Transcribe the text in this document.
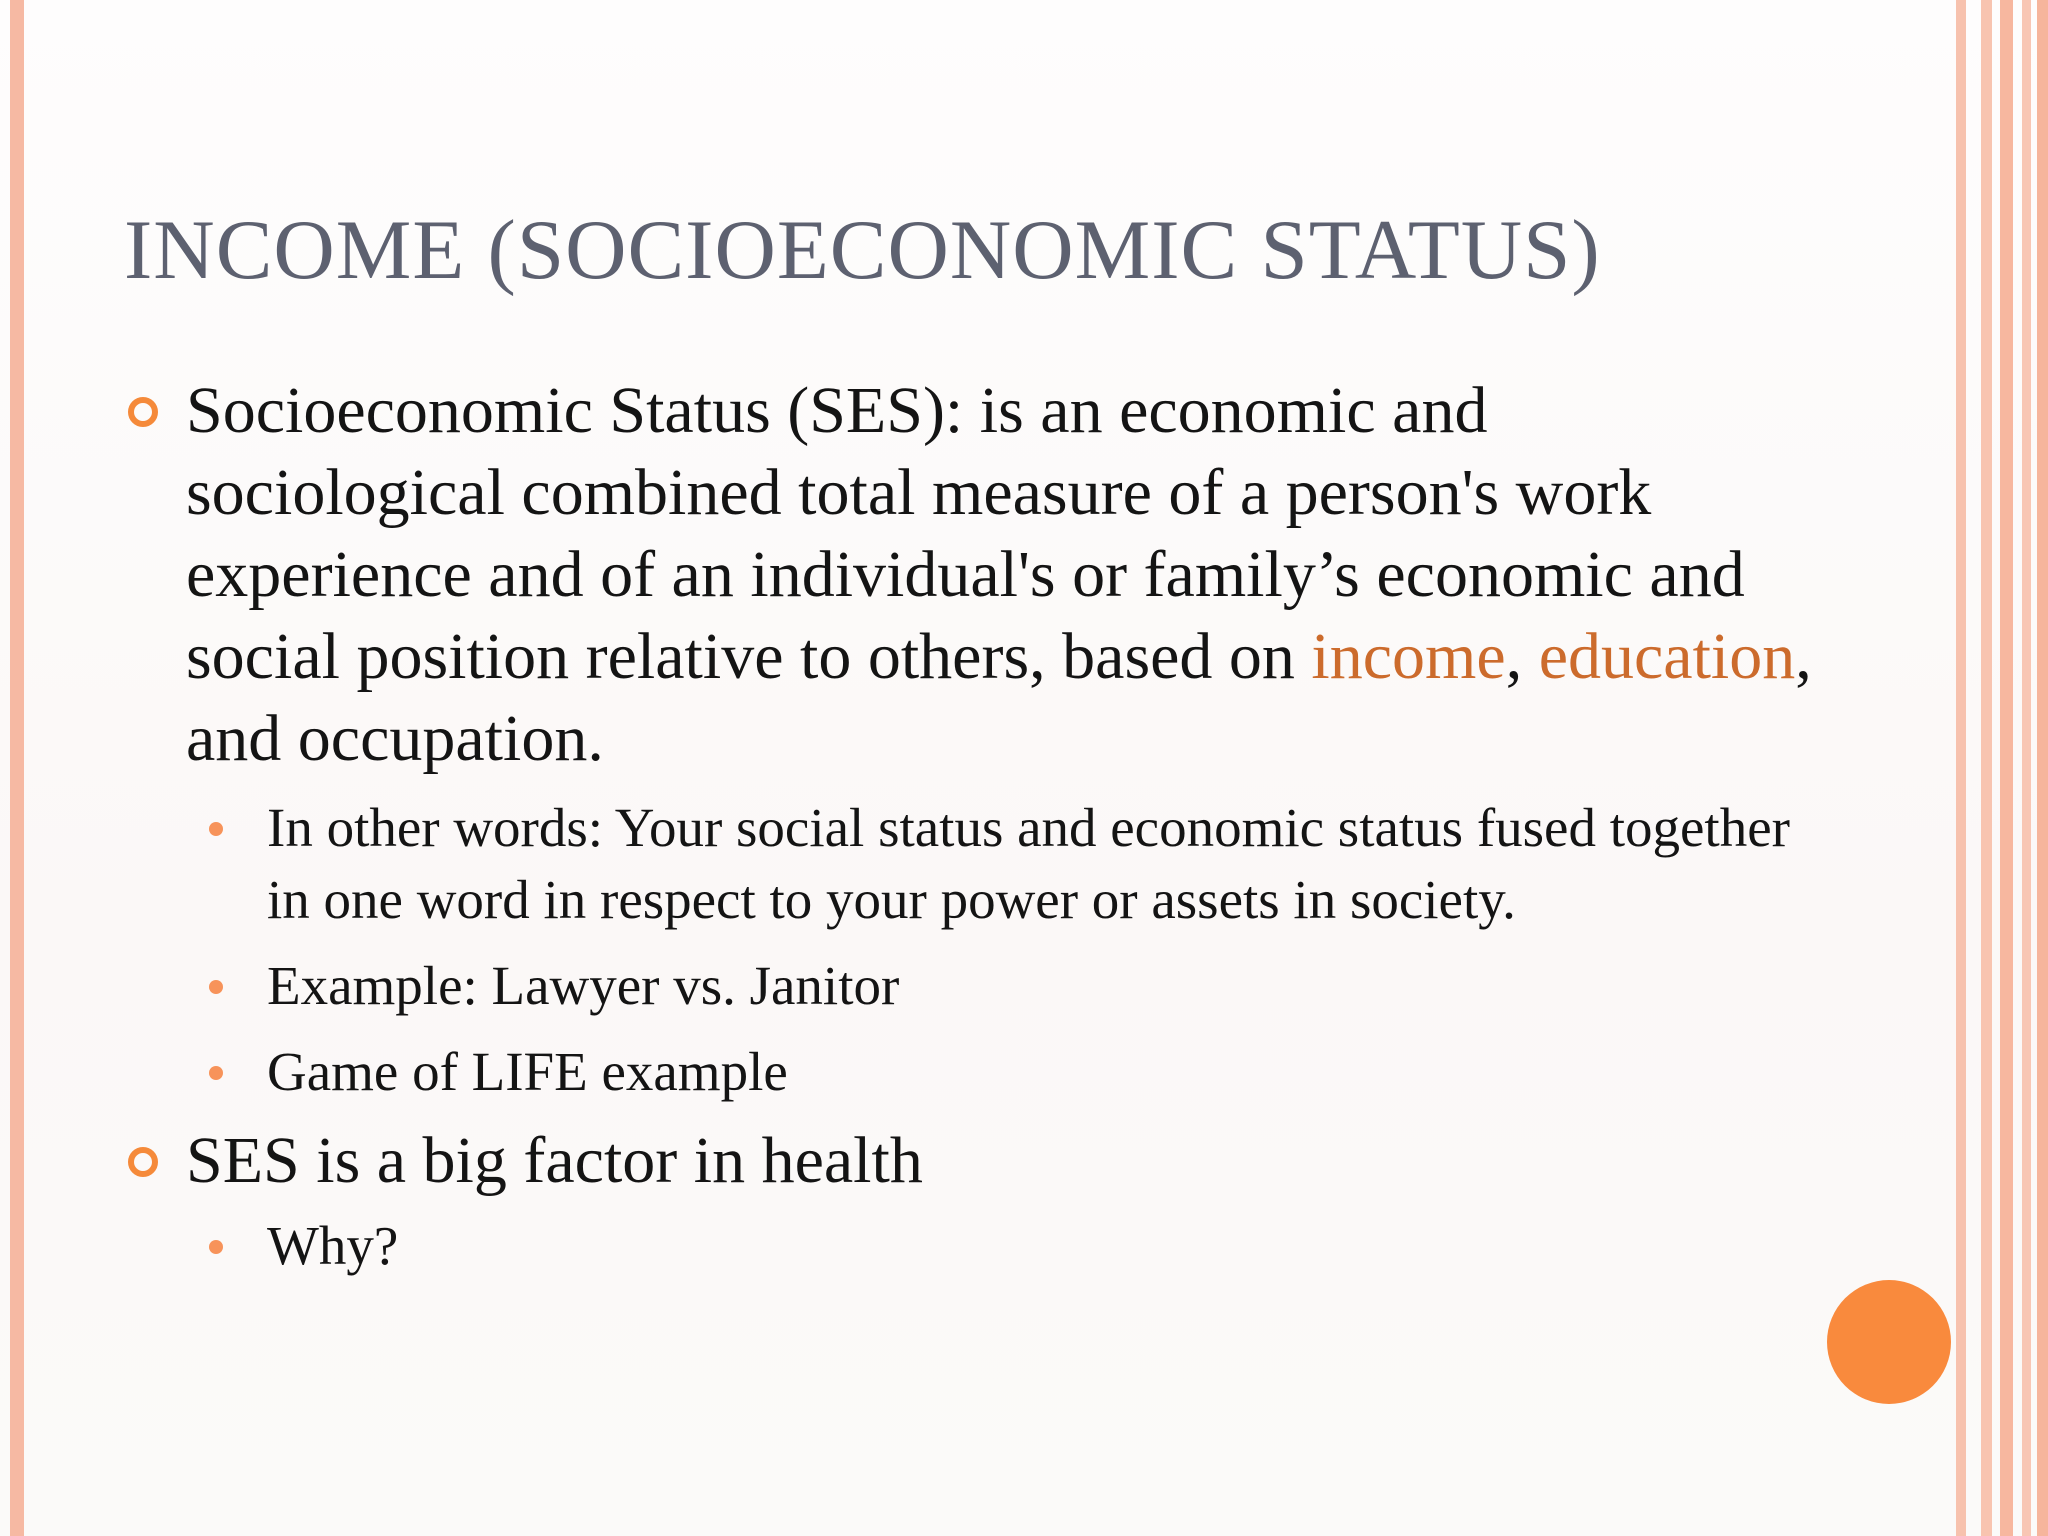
INCOME (SOCIOECONOMIC STATUS)

Socioeconomic Status (SES): is an economic and sociological combined total measure of a person's work experience and of an individual's or family’s economic and social position relative to others, based on income, education, and occupation.

In other words: Your social status and economic status fused together in one word in respect to your power or assets in society.

Example: Lawyer vs. Janitor

Game of LIFE example

SES is a big factor in health

Why?
